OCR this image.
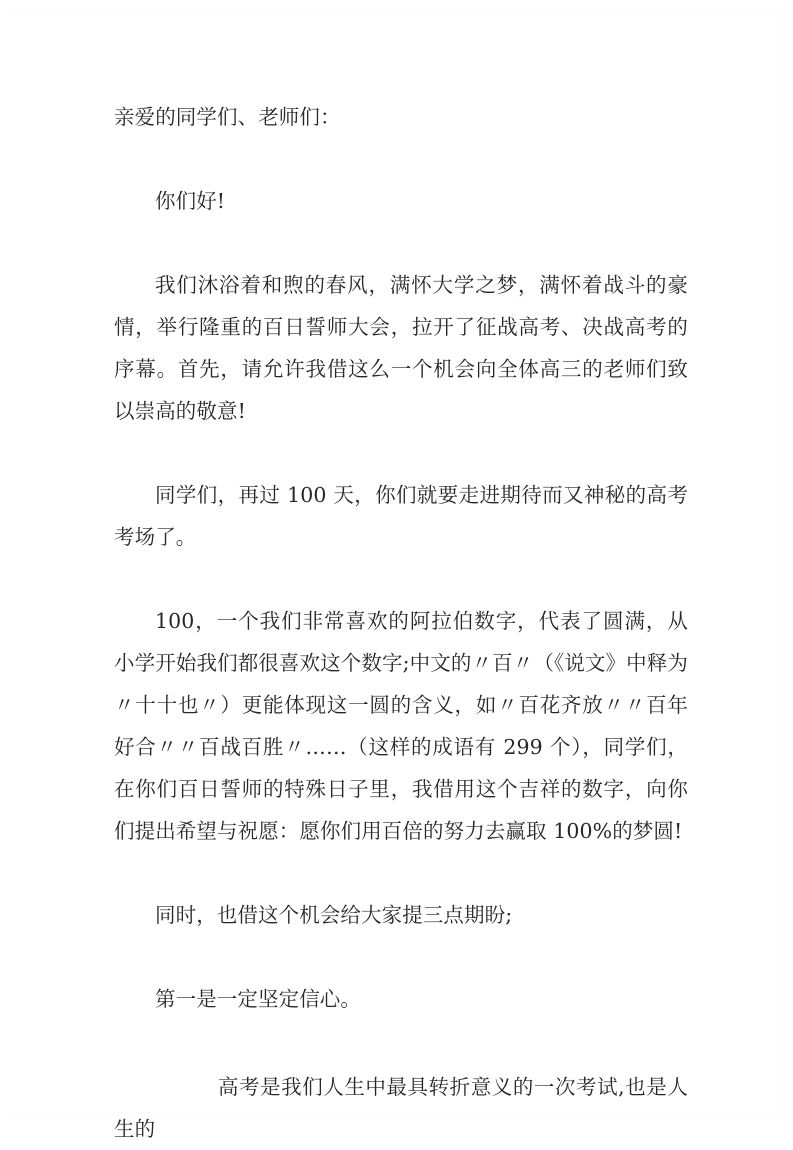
亲爱的同学们、老师们：

你们好!

我们沐浴着和煦的春风，满怀大学之梦，满怀着战斗的豪情，举行隆重的百日誓师大会，拉开了征战高考、决战高考的序幕。首先，请允许我借这么一个机会向全体高三的老师们致以崇高的敬意!

同学们，再过 100 天，你们就要走进期待而又神秘的高考考场了。

100，一个我们非常喜欢的阿拉伯数字，代表了圆满，从小学开始我们都很喜欢这个数字;中文的〃百〃（《说文》中释为〃十十也〃）更能体现这一圆的含义，如〃百花齐放〃〃百年好合〃〃百战百胜〃……（这样的成语有 299 个），同学们，在你们百日誓师的特殊日子里，我借用这个吉祥的数字，向你们提出希望与祝愿：愿你们用百倍的努力去赢取 100%的梦圆!

同时，也借这个机会给大家提三点期盼;

第一是一定坚定信心。

高考是我们人生中最具转折意义的一次考试,也是人生的
